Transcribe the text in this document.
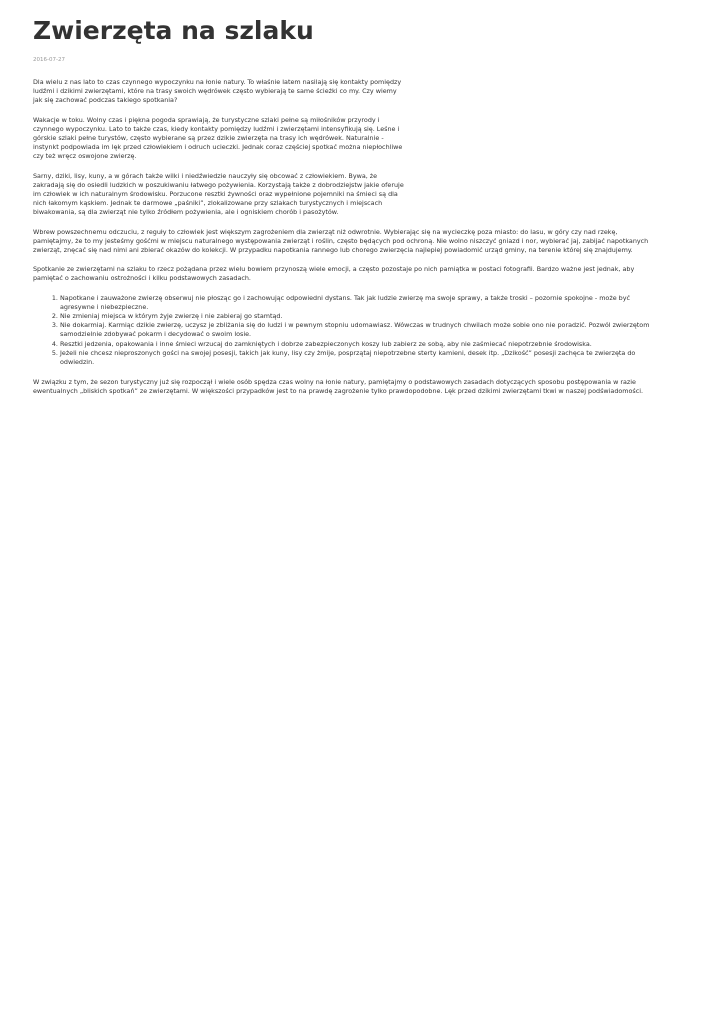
Zwierzęta na szlaku
2016-07-27

Dla wielu z nas lato to czas czynnego wypoczynku na łonie natury. To właśnie latem nasilają się kontakty pomiędzy ludźmi i dzikimi zwierzętami, które na trasy swoich wędrówek często wybierają te same ścieżki co my. Czy wiemy jak się zachować podczas takiego spotkania?

Wakacje w toku. Wolny czas i piękna pogoda sprawiają, że turystyczne szlaki pełne są miłośników przyrody i czynnego wypoczynku. Lato to także czas, kiedy kontakty pomiędzy ludźmi i zwierzętami intensyfikują się. Leśne i górskie szlaki pełne turystów, często wybierane są przez dzikie zwierzęta na trasy ich wędrówek. Naturalnie - instynkt podpowiada im lęk przed człowiekiem i odruch ucieczki. Jednak coraz częściej spotkać można niepłochliwe czy też wręcz oswojone zwierzę.

Sarny, dziki, lisy, kuny, a w górach także wilki i niedźwiedzie nauczyły się obcować z człowiekiem. Bywa, że zakradają się do osiedli ludzkich w poszukiwaniu łatwego pożywienia. Korzystają także z dobrodziejstw jakie oferuje im człowiek w ich naturalnym środowisku. Porzucone resztki żywności oraz wypełnione pojemniki na śmieci są dla nich łakomym kąskiem. Jednak te darmowe „paśniki”, zlokalizowane przy szlakach turystycznych i miejscach biwakowania, są dla zwierząt nie tylko źródłem pożywienia, ale i ogniskiem chorób i pasożytów.

Wbrew powszechnemu odczuciu, z reguły to człowiek jest większym zagrożeniem dla zwierząt niż odwrotnie. Wybierając się na wycieczkę poza miasto: do lasu, w góry czy nad rzekę, pamiętajmy, że to my jesteśmy gośćmi w miejscu naturalnego występowania zwierząt i roślin, często będących pod ochroną. Nie wolno niszczyć gniazd i nor, wybierać jaj, zabijać napotkanych zwierząt, znęcać się nad nimi ani zbierać okazów do kolekcji. W przypadku napotkania rannego lub chorego zwierzęcia najlepiej powiadomić urząd gminy, na terenie której się znajdujemy.

Spotkanie ze zwierzętami na szlaku to rzecz pożądana przez wielu bowiem przynoszą wiele emocji, a często pozostaje po nich pamiątka w postaci fotografii. Bardzo ważne jest jednak, aby pamiętać o zachowaniu ostrożności i kilku podstawowych zasadach.

1. Napotkane i zauważone zwierzę obserwuj nie płosząc go i zachowując odpowiedni dystans. Tak jak ludzie zwierzę ma swoje sprawy, a także troski – pozornie spokojne - może być agresywne i niebezpieczne.
2. Nie zmieniaj miejsca w którym żyje zwierzę i nie zabieraj go stamtąd.
3. Nie dokarmiaj. Karmiąc dzikie zwierzę, uczysz je zbliżania się do ludzi i w pewnym stopniu udomawiasz. Wówczas w trudnych chwilach może sobie ono nie poradzić. Pozwól zwierzętom samodzielnie zdobywać pokarm i decydować o swoim losie.
4. Resztki jedzenia, opakowania i inne śmieci wrzucaj do zamkniętych i dobrze zabezpieczonych koszy lub zabierz ze sobą, aby nie zaśmiecać niepotrzebnie środowiska.
5. Jeżeli nie chcesz nieproszonych gości na swojej posesji, takich jak kuny, lisy czy żmije, posprzątaj niepotrzebne sterty kamieni, desek itp. „Dzikość” posesji zachęca te zwierzęta do odwiedzin.

W związku z tym, że sezon turystyczny już się rozpoczął i wiele osób spędza czas wolny na łonie natury, pamiętajmy o podstawowych zasadach dotyczących sposobu postępowania w razie ewentualnych „bliskich spotkań” ze zwierzętami. W większości przypadków jest to na prawdę zagrożenie tylko prawdopodobne. Lęk przed dzikimi zwierzętami tkwi w naszej podświadomości.
